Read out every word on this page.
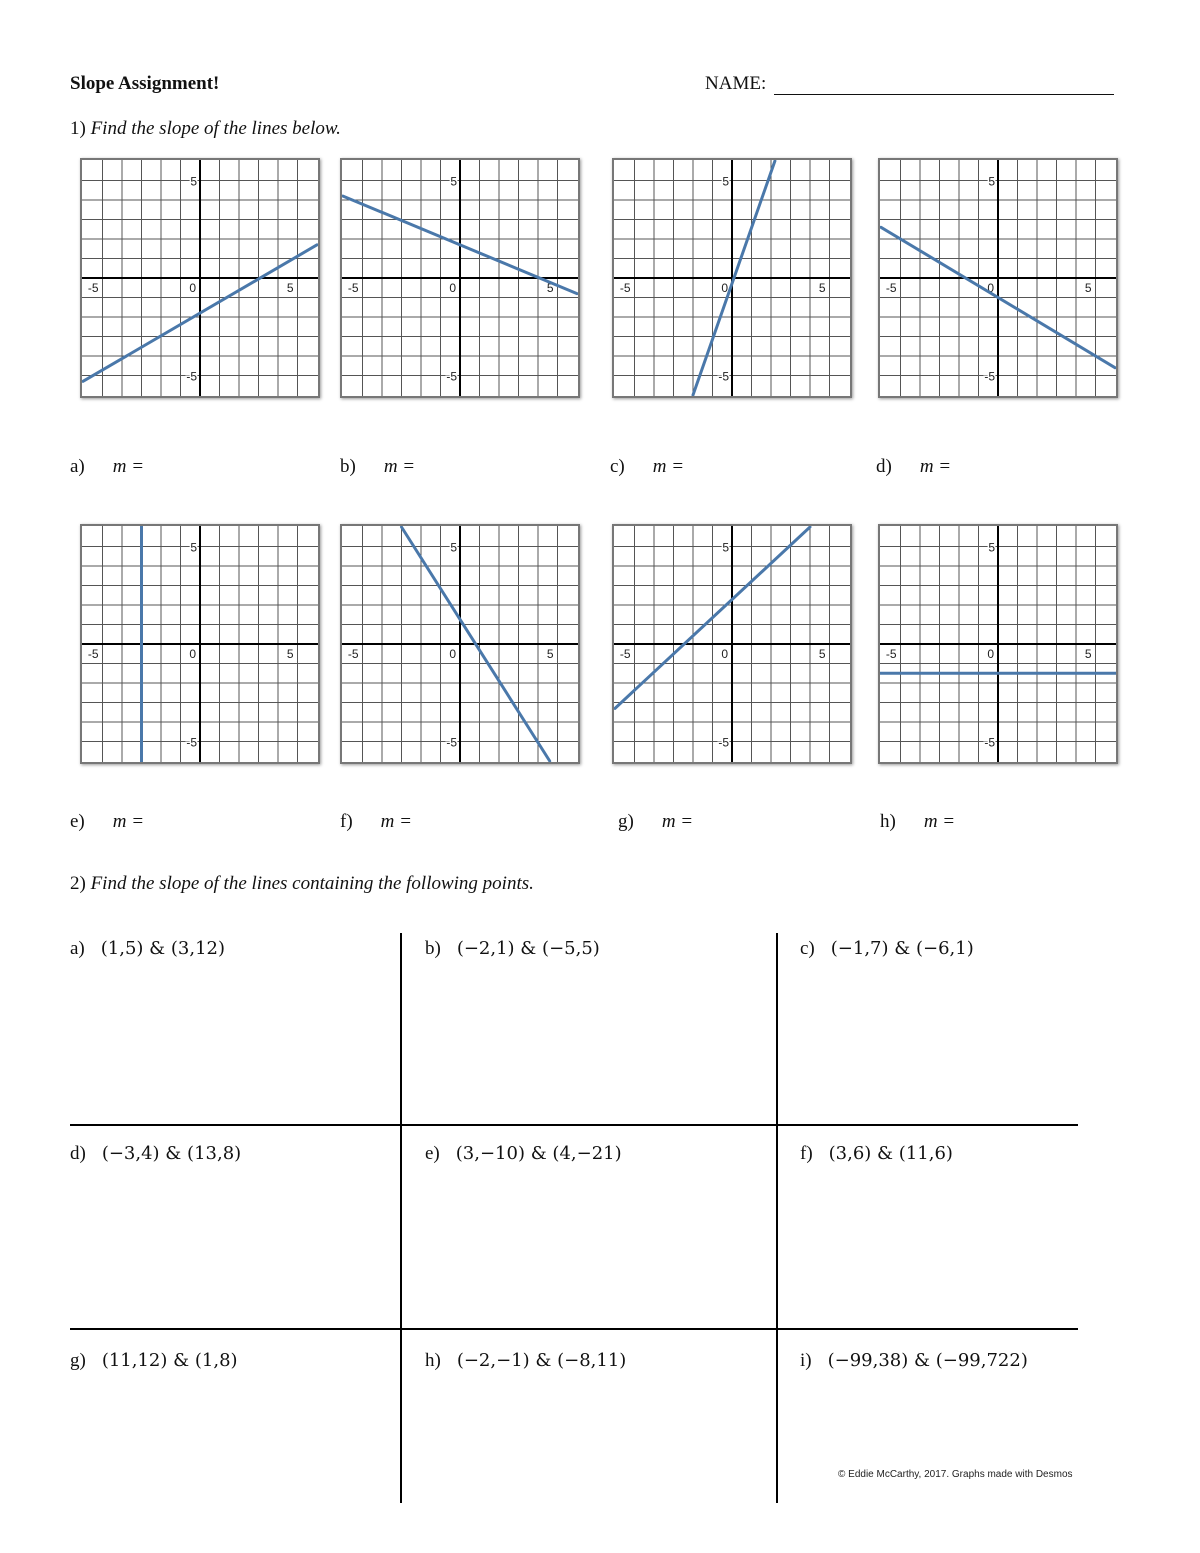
Slope Assignment!	NAME:
1) Find the slope of the lines below.
-5	0	5
5
-5
-5	0	5
5
-5
-5	0	5
5
-5
-5	0	5
5
-5
-5	0	5
5
-5
-5	0	5
5
-5
-5	0	5
5
-5
-5	0	5
5
-5
a) m =	b) m =	c) m =	d) m =
e) m =	f) m =	g) m =	h) m =
2) Find the slope of the lines containing the following points.
a) (1,5) & (3,12)	b) (−2,1) & (−5,5)	c) (−1,7) & (−6,1)
d) (−3,4) & (13,8)	e) (3,−10) & (4,−21)	f) (3,6) & (11,6)
g) (11,12) & (1,8)	h) (−2,−1) & (−8,11)	i) (−99,38) & (−99,722)
© Eddie McCarthy, 2017. Graphs made with Desmos
